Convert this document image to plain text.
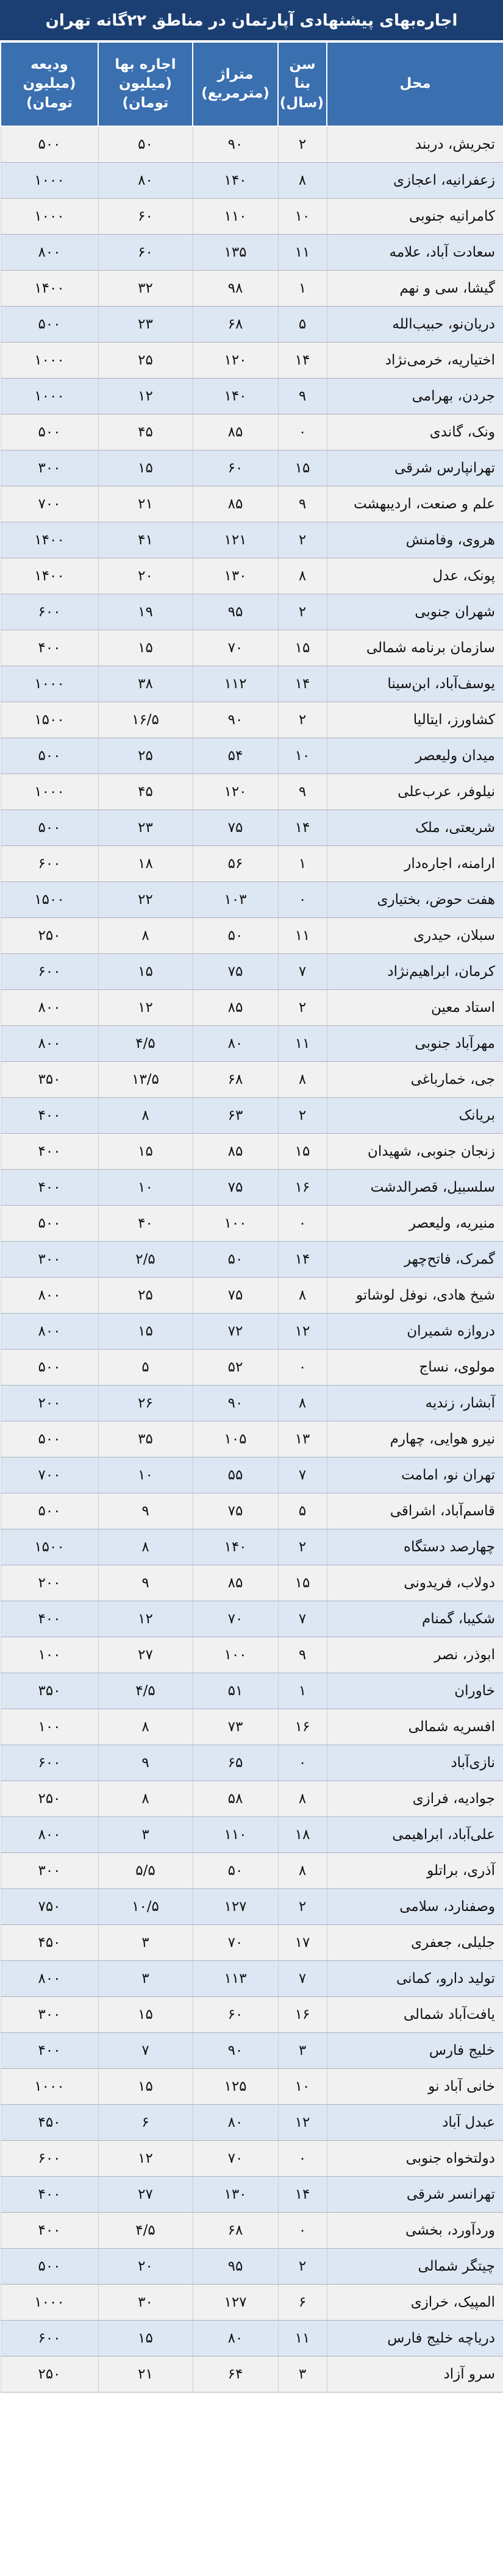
اجاره‌بهای پیشنهادی آپارتمان در مناطق ۲۲گانه تهران
محل	سن بنا (سال)	متراژ (مترمربع)	اجاره بها (میلیون تومان)	ودیعه (میلیون تومان)
تجریش، دربند	۲	۹۰	۵۰	۵۰۰
زعفرانیه، اعجازی	۸	۱۴۰	۸۰	۱۰۰۰
کامرانیه جنوبی	۱۰	۱۱۰	۶۰	۱۰۰۰
سعادت آباد، علامه	۱۱	۱۳۵	۶۰	۸۰۰
گیشا، سی و نهم	۱	۹۸	۳۲	۱۴۰۰
دریان‌نو، حبیب‌الله	۵	۶۸	۲۳	۵۰۰
اختیاریه، خرمی‌نژاد	۱۴	۱۲۰	۲۵	۱۰۰۰
جردن، بهرامی	۹	۱۴۰	۱۲	۱۰۰۰
ونک، گاندی	۰	۸۵	۴۵	۵۰۰
تهرانپارس شرقی	۱۵	۶۰	۱۵	۳۰۰
علم و صنعت، اردیبهشت	۹	۸۵	۲۱	۷۰۰
هروی، وفامنش	۲	۱۲۱	۴۱	۱۴۰۰
پونک، عدل	۸	۱۳۰	۲۰	۱۴۰۰
شهران جنوبی	۲	۹۵	۱۹	۶۰۰
سازمان برنامه شمالی	۱۵	۷۰	۱۵	۴۰۰
یوسف‌آباد، ابن‌سینا	۱۴	۱۱۲	۳۸	۱۰۰۰
کشاورز، ایتالیا	۲	۹۰	۱۶/۵	۱۵۰۰
میدان ولیعصر	۱۰	۵۴	۲۵	۵۰۰
نیلوفر، عرب‌علی	۹	۱۲۰	۴۵	۱۰۰۰
شریعتی، ملک	۱۴	۷۵	۲۳	۵۰۰
ارامنه، اجاره‌دار	۱	۵۶	۱۸	۶۰۰
هفت حوض، بختیاری	۰	۱۰۳	۲۲	۱۵۰۰
سبلان، حیدری	۱۱	۵۰	۸	۲۵۰
کرمان، ابراهیم‌نژاد	۷	۷۵	۱۵	۶۰۰
استاد معین	۲	۸۵	۱۲	۸۰۰
مهرآباد جنوبی	۱۱	۸۰	۴/۵	۸۰۰
جی، خمارباغی	۸	۶۸	۱۳/۵	۳۵۰
بریانک	۲	۶۳	۸	۴۰۰
زنجان جنوبی، شهیدان	۱۵	۸۵	۱۵	۴۰۰
سلسبیل، قصرالدشت	۱۶	۷۵	۱۰	۴۰۰
منیریه، ولیعصر	۰	۱۰۰	۴۰	۵۰۰
گمرک، فاتح‌چهر	۱۴	۵۰	۲/۵	۳۰۰
شیخ هادی، نوفل لوشاتو	۸	۷۵	۲۵	۸۰۰
دروازه شمیران	۱۲	۷۲	۱۵	۸۰۰
مولوی، نساج	۰	۵۲	۵	۵۰۰
آبشار، زندیه	۸	۹۰	۲۶	۲۰۰
نیرو هوایی، چهارم	۱۳	۱۰۵	۳۵	۵۰۰
تهران نو، امامت	۷	۵۵	۱۰	۷۰۰
قاسم‌آباد، اشراقی	۵	۷۵	۹	۵۰۰
چهارصد دستگاه	۲	۱۴۰	۸	۱۵۰۰
دولاب، فریدونی	۱۵	۸۵	۹	۲۰۰
شکیبا، گمنام	۷	۷۰	۱۲	۴۰۰
ابوذر، نصر	۹	۱۰۰	۲۷	۱۰۰
خاوران	۱	۵۱	۴/۵	۳۵۰
افسریه شمالی	۱۶	۷۳	۸	۱۰۰
نازی‌آباد	۰	۶۵	۹	۶۰۰
جوادیه، فرازی	۸	۵۸	۸	۲۵۰
علی‌آباد، ابراهیمی	۱۸	۱۱۰	۳	۸۰۰
آذری، براتلو	۸	۵۰	۵/۵	۳۰۰
وصفنارد، سلامی	۲	۱۲۷	۱۰/۵	۷۵۰
جلیلی، جعفری	۱۷	۷۰	۳	۴۵۰
تولید دارو، کمانی	۷	۱۱۳	۳	۸۰۰
یافت‌آباد شمالی	۱۶	۶۰	۱۵	۳۰۰
خلیج فارس	۳	۹۰	۷	۴۰۰
خانی آباد نو	۱۰	۱۲۵	۱۵	۱۰۰۰
عبدل آباد	۱۲	۸۰	۶	۴۵۰
دولتخواه جنوبی	۰	۷۰	۱۲	۶۰۰
تهرانسر شرقی	۱۴	۱۳۰	۲۷	۴۰۰
وردآورد، بخشی	۰	۶۸	۴/۵	۴۰۰
چیتگر شمالی	۲	۹۵	۲۰	۵۰۰
المپیک، خرازی	۶	۱۲۷	۳۰	۱۰۰۰
دریاچه خلیج فارس	۱۱	۸۰	۱۵	۶۰۰
سرو آزاد	۳	۶۴	۲۱	۲۵۰
